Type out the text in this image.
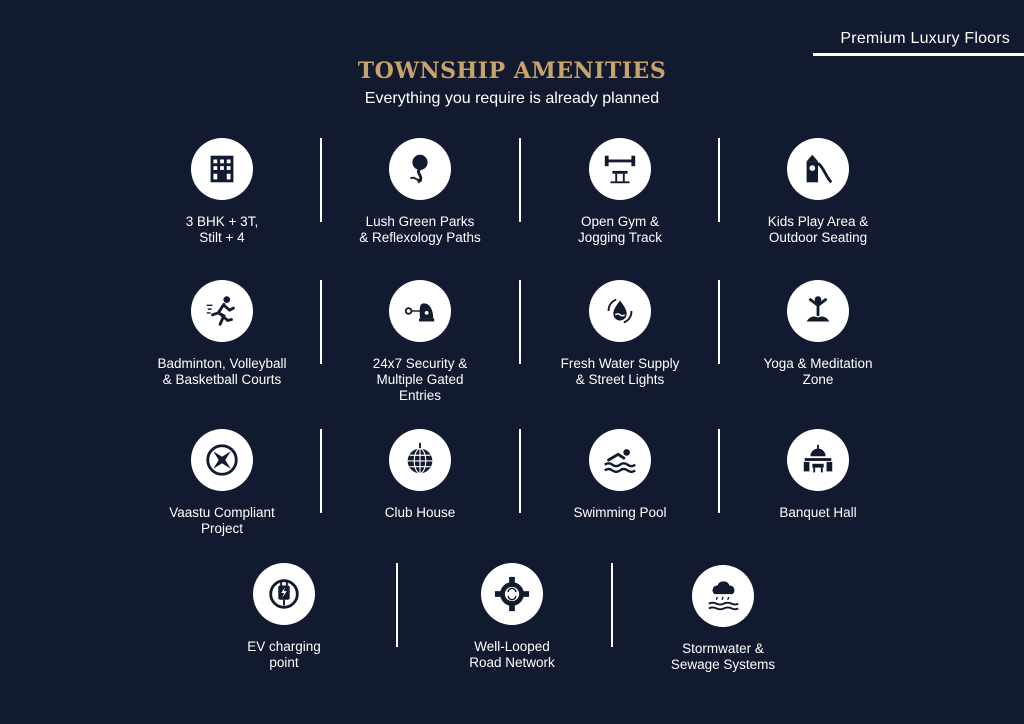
Premium Luxury Floors
TOWNSHIP AMENITIES
Everything you require is already planned
3 BHK + 3T,
Stilt + 4
Lush Green Parks
& Reflexology Paths
Open Gym &
Jogging Track
Kids Play Area &
Outdoor Seating
Badminton, Volleyball
& Basketball Courts
24x7 Security &
Multiple Gated
Entries
Fresh Water Supply
& Street Lights
Yoga & Meditation
Zone
Vaastu Compliant
Project
Club House	Swimming Pool	Banquet Hall
EV charging
point
Well-Looped
Road Network
Stormwater &
Sewage Systems
